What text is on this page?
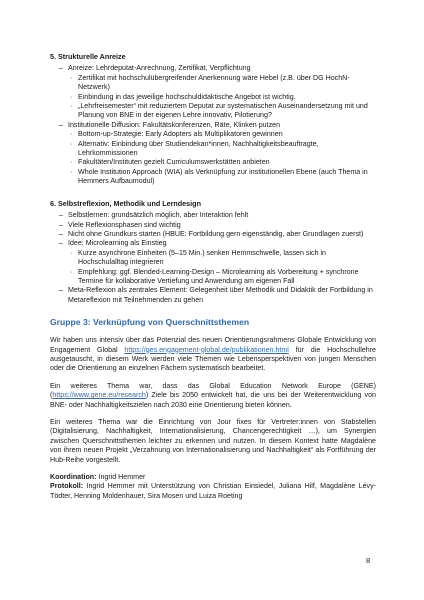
5. Strukturelle Anreize

– Anreize: Lehrdeputat-Anrechnung, Zertifikat, Verpflichtung

· Zertifikat mit hochschulübergreifender Anerkennung wäre Hebel (z.B. über DG HochN-Netzwerk)

· Einbindung in das jeweilige hochschuldidaktische Angebot ist wichtig.

· „Lehrfreisemester“ mit reduziertem Deputat zur systematischen Auseinandersetzung mit und Planung von BNE in der eigenen Lehre innovativ, Pilotierung?

– Institutionelle Diffusion: Fakultätskonferenzen, Räte, Klinken putzen

· Bottom-up-Strategie: Early Adopters als Multiplikatoren gewinnen

· Alternativ: Einbindung über Studiendekan*innen, Nachhaltigkeitsbeauftragte, Lehrkommissionen

· Fakultäten/Instituten gezielt Curriculumswerkstätten anbieten

· Whole Institution Approach (WIA) als Verknüpfung zur institutionellen Ebene (auch Thema in Hemmers Aufbaumodul)

6. Selbstreflexion, Methodik und Lerndesign

– Selbstlernen: grundsätzlich möglich, aber Interaktion fehlt

– Viele Reflexionsphasen sind wichtig

– Nicht ohne Grundkurs starten (HBUE: Fortbildung gern eigenständig, aber Grundlagen zuerst)

– Idee: Microlearning als Einstieg

· Kurze asynchrone Einheiten (5–15 Min.) senken Hemmschwelle, lassen sich in Hochschulalltag integrieren

· Empfehlung: ggf. Blended-Learning-Design – Microlearning als Vorbereitung + synchrone Termine für kollaborative Vertiefung und Anwendung am eigenen Fall

– Meta-Reflexion als zentrales Element: Gelegenheit über Methodik und Didaktik der Fortbildung in Metareflexion mit Teilnehmenden zu gehen

Gruppe 3: Verknüpfung von Querschnittsthemen

Wir haben uns intensiv über das Potenzial des neuen Orientierungsrahmens Globale Entwicklung von Engagement Global https://ges.engagement-global.de/publikationen.html für die Hochschullehre ausgetauscht, in diesem Werk werden viele Themen wie Lebensperspektiven von jungen Menschen oder die Orientierung an einzelnen Fächern systematisch bearbeitet.

Ein weiteres Thema war, dass das Global Education Network Europe (GENE) (https://www.gene.eu/research) Ziele bis 2050 entwickelt hat, die uns bei der Weiterentwicklung von BNE- oder Nachhaltigkeitszielen nach 2030 eine Orientierung bieten können.

Ein weiteres Thema war die Einrichtung von Jour fixes für Vertreter:innen von Stabstellen (Digitalisierung, Nachhaltigkeit, Internationalisierung, Chancengerechtigkeit …), um Synergien zwischen Querschnittsthemen leichter zu erkennen und nutzen. In diesem Kontext hatte Magdalène von ihrem neuen Projekt „Verzahnung von Internationalisierung und Nachhaltigkeit“ als Fortführung der Hub-Reihe vorgestellt.

Koordination: Ingrid Hemmer

Protokoll: Ingrid Hemmer mit Unterstützung von Christian Einsiedel, Juliana Hilf, Magdalène Lévy-Tödter, Henning Moldenhauer, Sira Mosen und Luiza Roeting

8
